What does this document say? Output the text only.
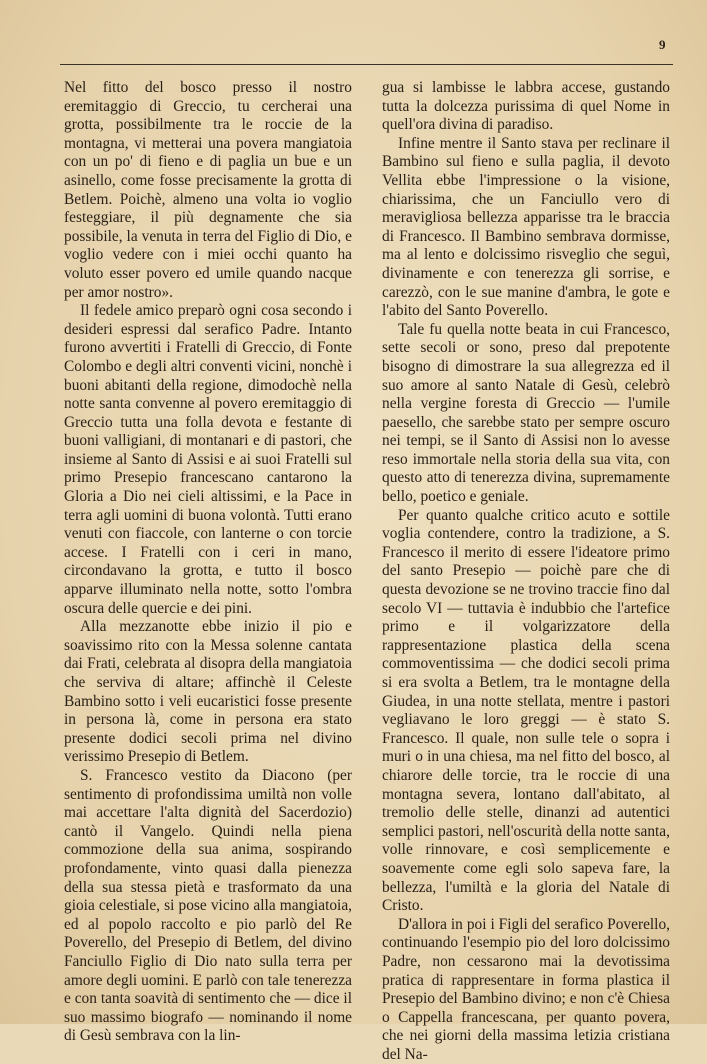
9

Nel fitto del bosco presso il nostro eremitaggio di Greccio, tu cercherai una grotta, possibilmente tra le roccie de la montagna, vi metterai una povera mangiatoia con un po' di fieno e di paglia un bue e un asinello, come fosse precisamente la grotta di Betlem. Poichè, almeno una volta io voglio festeggiare, il più degnamente che sia possibile, la venuta in terra del Figlio di Dio, e voglio vedere con i miei occhi quanto ha voluto esser povero ed umile quando nacque per amor nostro».

Il fedele amico preparò ogni cosa secondo i desideri espressi dal serafico Padre. Intanto furono avvertiti i Fratelli di Greccio, di Fonte Colombo e degli altri conventi vicini, nonchè i buoni abitanti della regione, dimodochè nella notte santa convenne al povero eremitaggio di Greccio tutta una folla devota e festante di buoni valligiani, di montanari e di pastori, che insieme al Santo di Assisi e ai suoi Fratelli sul primo Presepio francescano cantarono la Gloria a Dio nei cieli altissimi, e la Pace in terra agli uomini di buona volontà. Tutti erano venuti con fiaccole, con lanterne o con torcie accese. I Fratelli con i ceri in mano, circondavano la grotta, e tutto il bosco apparve illuminato nella notte, sotto l'ombra oscura delle quercie e dei pini.

Alla mezzanotte ebbe inizio il pio e soavissimo rito con la Messa solenne cantata dai Frati, celebrata al disopra della mangiatoia che serviva di altare; affinchè il Celeste Bambino sotto i veli eucaristici fosse presente in persona là, come in persona era stato presente dodici secoli prima nel divino verissimo Presepio di Betlem.

S. Francesco vestito da Diacono (per sentimento di profondissima umiltà non volle mai accettare l'alta dignità del Sacerdozio) cantò il Vangelo. Quindi nella piena commozione della sua anima, sospirando profondamente, vinto quasi dalla pienezza della sua stessa pietà e trasformato da una gioia celestiale, si pose vicino alla mangiatoia, ed al popolo raccolto e pio parlò del Re Poverello, del Presepio di Betlem, del divino Fanciullo Figlio di Dio nato sulla terra per amore degli uomini. E parlò con tale tenerezza e con tanta soavità di sentimento che — dice il suo massimo biografo — nominando il nome di Gesù sembrava con la lin-

gua si lambisse le labbra accese, gustando tutta la dolcezza purissima di quel Nome in quell'ora divina di paradiso.

Infine mentre il Santo stava per reclinare il Bambino sul fieno e sulla paglia, il devoto Vellita ebbe l'impressione o la visione, chiarissima, che un Fanciullo vero di meravigliosa bellezza apparisse tra le braccia di Francesco. Il Bambino sembrava dormisse, ma al lento e dolcissimo risveglio che seguì, divinamente e con tenerezza gli sorrise, e carezzò, con le sue manine d'ambra, le gote e l'abito del Santo Poverello.

Tale fu quella notte beata in cui Francesco, sette secoli or sono, preso dal prepotente bisogno di dimostrare la sua allegrezza ed il suo amore al santo Natale di Gesù, celebrò nella vergine foresta di Greccio — l'umile paesello, che sarebbe stato per sempre oscuro nei tempi, se il Santo di Assisi non lo avesse reso immortale nella storia della sua vita, con questo atto di tenerezza divina, supremamente bello, poetico e geniale.

Per quanto qualche critico acuto e sottile voglia contendere, contro la tradizione, a S. Francesco il merito di essere l'ideatore primo del santo Presepio — poichè pare che di questa devozione se ne trovino traccie fino dal secolo VI — tuttavia è indubbio che l'artefice primo e il volgarizzatore della rappresentazione plastica della scena commoventissima — che dodici secoli prima si era svolta a Betlem, tra le montagne della Giudea, in una notte stellata, mentre i pastori vegliavano le loro greggi — è stato S. Francesco. Il quale, non sulle tele o sopra i muri o in una chiesa, ma nel fitto del bosco, al chiarore delle torcie, tra le roccie di una montagna severa, lontano dall'abitato, al tremolio delle stelle, dinanzi ad autentici semplici pastori, nell'oscurità della notte santa, volle rinnovare, e così semplicemente e soavemente come egli solo sapeva fare, la bellezza, l'umiltà e la gloria del Natale di Cristo.

D'allora in poi i Figli del serafico Poverello, continuando l'esempio pio del loro dolcissimo Padre, non cessarono mai la devotissima pratica di rappresentare in forma plastica il Presepio del Bambino divino; e non c'è Chiesa o Cappella francescana, per quanto povera, che nei giorni della massima letizia cristiana del Na-
